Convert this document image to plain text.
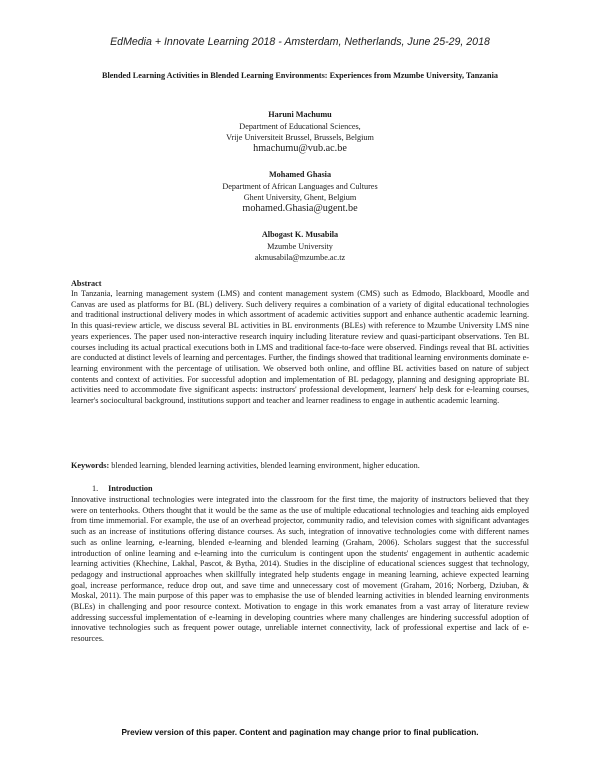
EdMedia + Innovate Learning 2018 - Amsterdam, Netherlands, June 25-29, 2018
Blended Learning Activities in Blended Learning Environments: Experiences from Mzumbe University, Tanzania
Haruni Machumu
Department of Educational Sciences,
Vrije Universiteit Brussel, Brussels, Belgium
hmachumu@vub.ac.be
Mohamed Ghasia
Department of African Languages and Cultures
Ghent University, Ghent, Belgium
mohamed.Ghasia@ugent.be
Albogast K. Musabila
Mzumbe University
akmusabila@mzumbe.ac.tz
Abstract

In Tanzania, learning management system (LMS) and content management system (CMS) such as Edmodo, Blackboard, Moodle and Canvas are used as platforms for BL (BL) delivery. Such delivery requires a combination of a variety of digital educational technologies and traditional instructional delivery modes in which assortment of academic activities support and enhance authentic academic learning. In this quasi-review article, we discuss several BL activities in BL environments (BLEs) with reference to Mzumbe University LMS nine years experiences. The paper used non-interactive research inquiry including literature review and quasi-participant observations. Ten BL courses including its actual practical executions both in LMS and traditional face-to-face were observed. Findings reveal that BL activities are conducted at distinct levels of learning and percentages. Further, the findings showed that traditional learning environments dominate e-learning environment with the percentage of utilisation. We observed both online, and offline BL activities based on nature of subject contents and context of activities. For successful adoption and implementation of BL pedagogy, planning and designing appropriate BL activities need to accommodate five significant aspects: instructors' professional development, learners' help desk for e-learning courses, learner's sociocultural background, institutions support and teacher and learner readiness to engage in authentic academic learning.

Keywords: blended learning, blended learning activities, blended learning environment, higher education.

1. Introduction

Innovative instructional technologies were integrated into the classroom for the first time, the majority of instructors believed that they were on tenterhooks. Others thought that it would be the same as the use of multiple educational technologies and teaching aids employed from time immemorial. For example, the use of an overhead projector, community radio, and television comes with significant advantages such as an increase of institutions offering distance courses. As such, integration of innovative technologies come with different names such as online learning, e-learning, blended e-learning and blended learning (Graham, 2006). Scholars suggest that the successful introduction of online learning and e-learning into the curriculum is contingent upon the students' engagement in authentic academic learning activities (Khechine, Lakhal, Pascot, & Bytha, 2014). Studies in the discipline of educational sciences suggest that technology, pedagogy and instructional approaches when skillfully integrated help students engage in meaning learning, achieve expected learning goal, increase performance, reduce drop out, and save time and unnecessary cost of movement (Graham, 2016; Norberg, Dziuban, & Moskal, 2011). The main purpose of this paper was to emphasise the use of blended learning activities in blended learning environments (BLEs) in challenging and poor resource context. Motivation to engage in this work emanates from a vast array of literature review addressing successful implementation of e-learning in developing countries where many challenges are hindering successful adoption of innovative technologies such as frequent power outage, unreliable internet connectivity, lack of professional expertise and lack of e-resources.

Preview version of this paper. Content and pagination may change prior to final publication.
